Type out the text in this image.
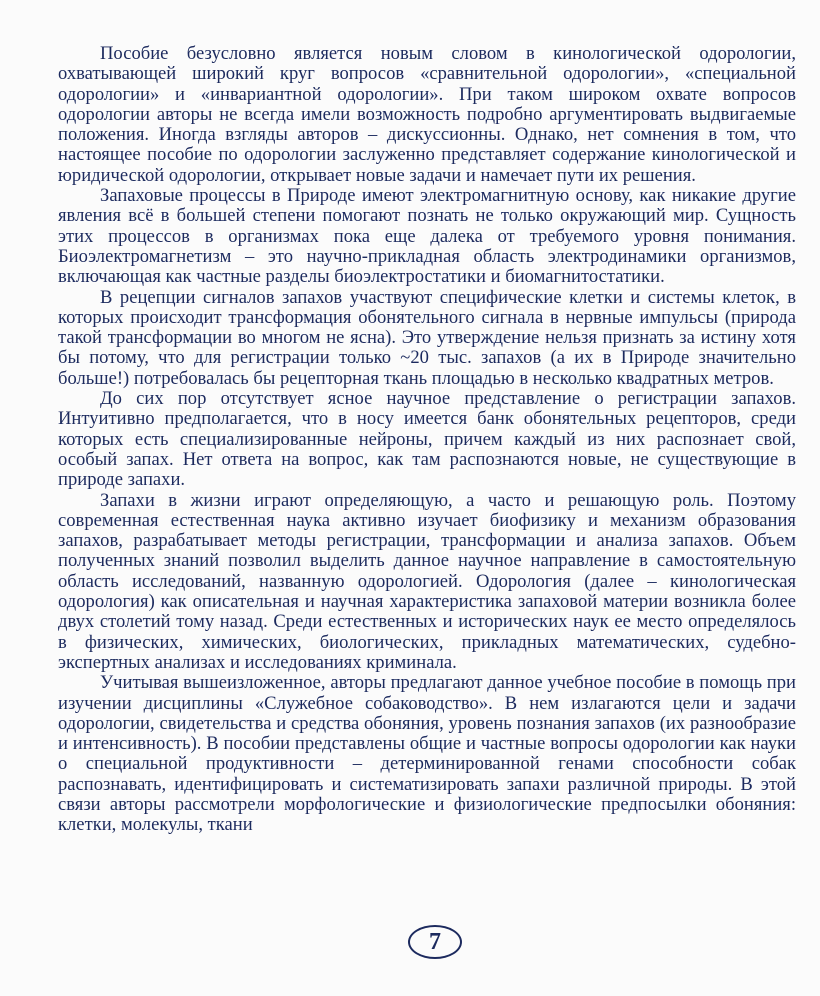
Пособие безусловно является новым словом в кинологической одорологии, охватывающей широкий круг вопросов «сравнительной одорологии», «специальной одорологии» и «инвариантной одорологии». При таком широком охвате вопросов одорологии авторы не всегда имели возможность подробно аргументировать выдвигаемые положения. Иногда взгляды авторов – дискуссионны. Однако, нет сомнения в том, что настоящее пособие по одорологии заслуженно представляет содержание кинологической и юридической одорологии, открывает новые задачи и намечает пути их решения.

Запаховые процессы в Природе имеют электромагнитную основу, как никакие другие явления всё в большей степени помогают познать не только окружающий мир. Сущность этих процессов в организмах пока еще далека от требуемого уровня понимания. Биоэлектромагнетизм – это научно-прикладная область электродинамики организмов, включающая как частные разделы биоэлектростатики и биомагнитостатики.

В рецепции сигналов запахов участвуют специфические клетки и системы клеток, в которых происходит трансформация обонятельного сигнала в нервные импульсы (природа такой трансформации во многом не ясна). Это утверждение нельзя признать за истину хотя бы потому, что для регистрации только ~20 тыс. запахов (а их в Природе значительно больше!) потребовалась бы рецепторная ткань площадью в несколько квадратных метров.

До сих пор отсутствует ясное научное представление о регистрации запахов. Интуитивно предполагается, что в носу имеется банк обонятельных рецепторов, среди которых есть специализированные нейроны, причем каждый из них распознает свой, особый запах. Нет ответа на вопрос, как там распознаются новые, не существующие в природе запахи.

Запахи в жизни играют определяющую, а часто и решающую роль. Поэтому современная естественная наука активно изучает биофизику и механизм образования запахов, разрабатывает методы регистрации, трансформации и анализа запахов. Объем полученных знаний позволил выделить данное научное направление в самостоятельную область исследований, названную одорологией. Одорология (далее – кинологическая одорология) как описательная и научная характеристика запаховой материи возникла более двух столетий тому назад. Среди естественных и исторических наук ее место определялось в физических, химических, биологических, прикладных математических, судебно-экспертных анализах и исследованиях криминала.

Учитывая вышеизложенное, авторы предлагают данное учебное пособие в помощь при изучении дисциплины «Служебное собаководство». В нем излагаются цели и задачи одорологии, свидетельства и средства обоняния, уровень познания запахов (их разнообразие и интенсивность). В пособии представлены общие и частные вопросы одорологии как науки о специальной продуктивности – детерминированной генами способности собак распознавать, идентифицировать и систематизировать запахи различной природы. В этой связи авторы рассмотрели морфологические и физиологические предпосылки обоняния: клетки, молекулы, ткани

7
